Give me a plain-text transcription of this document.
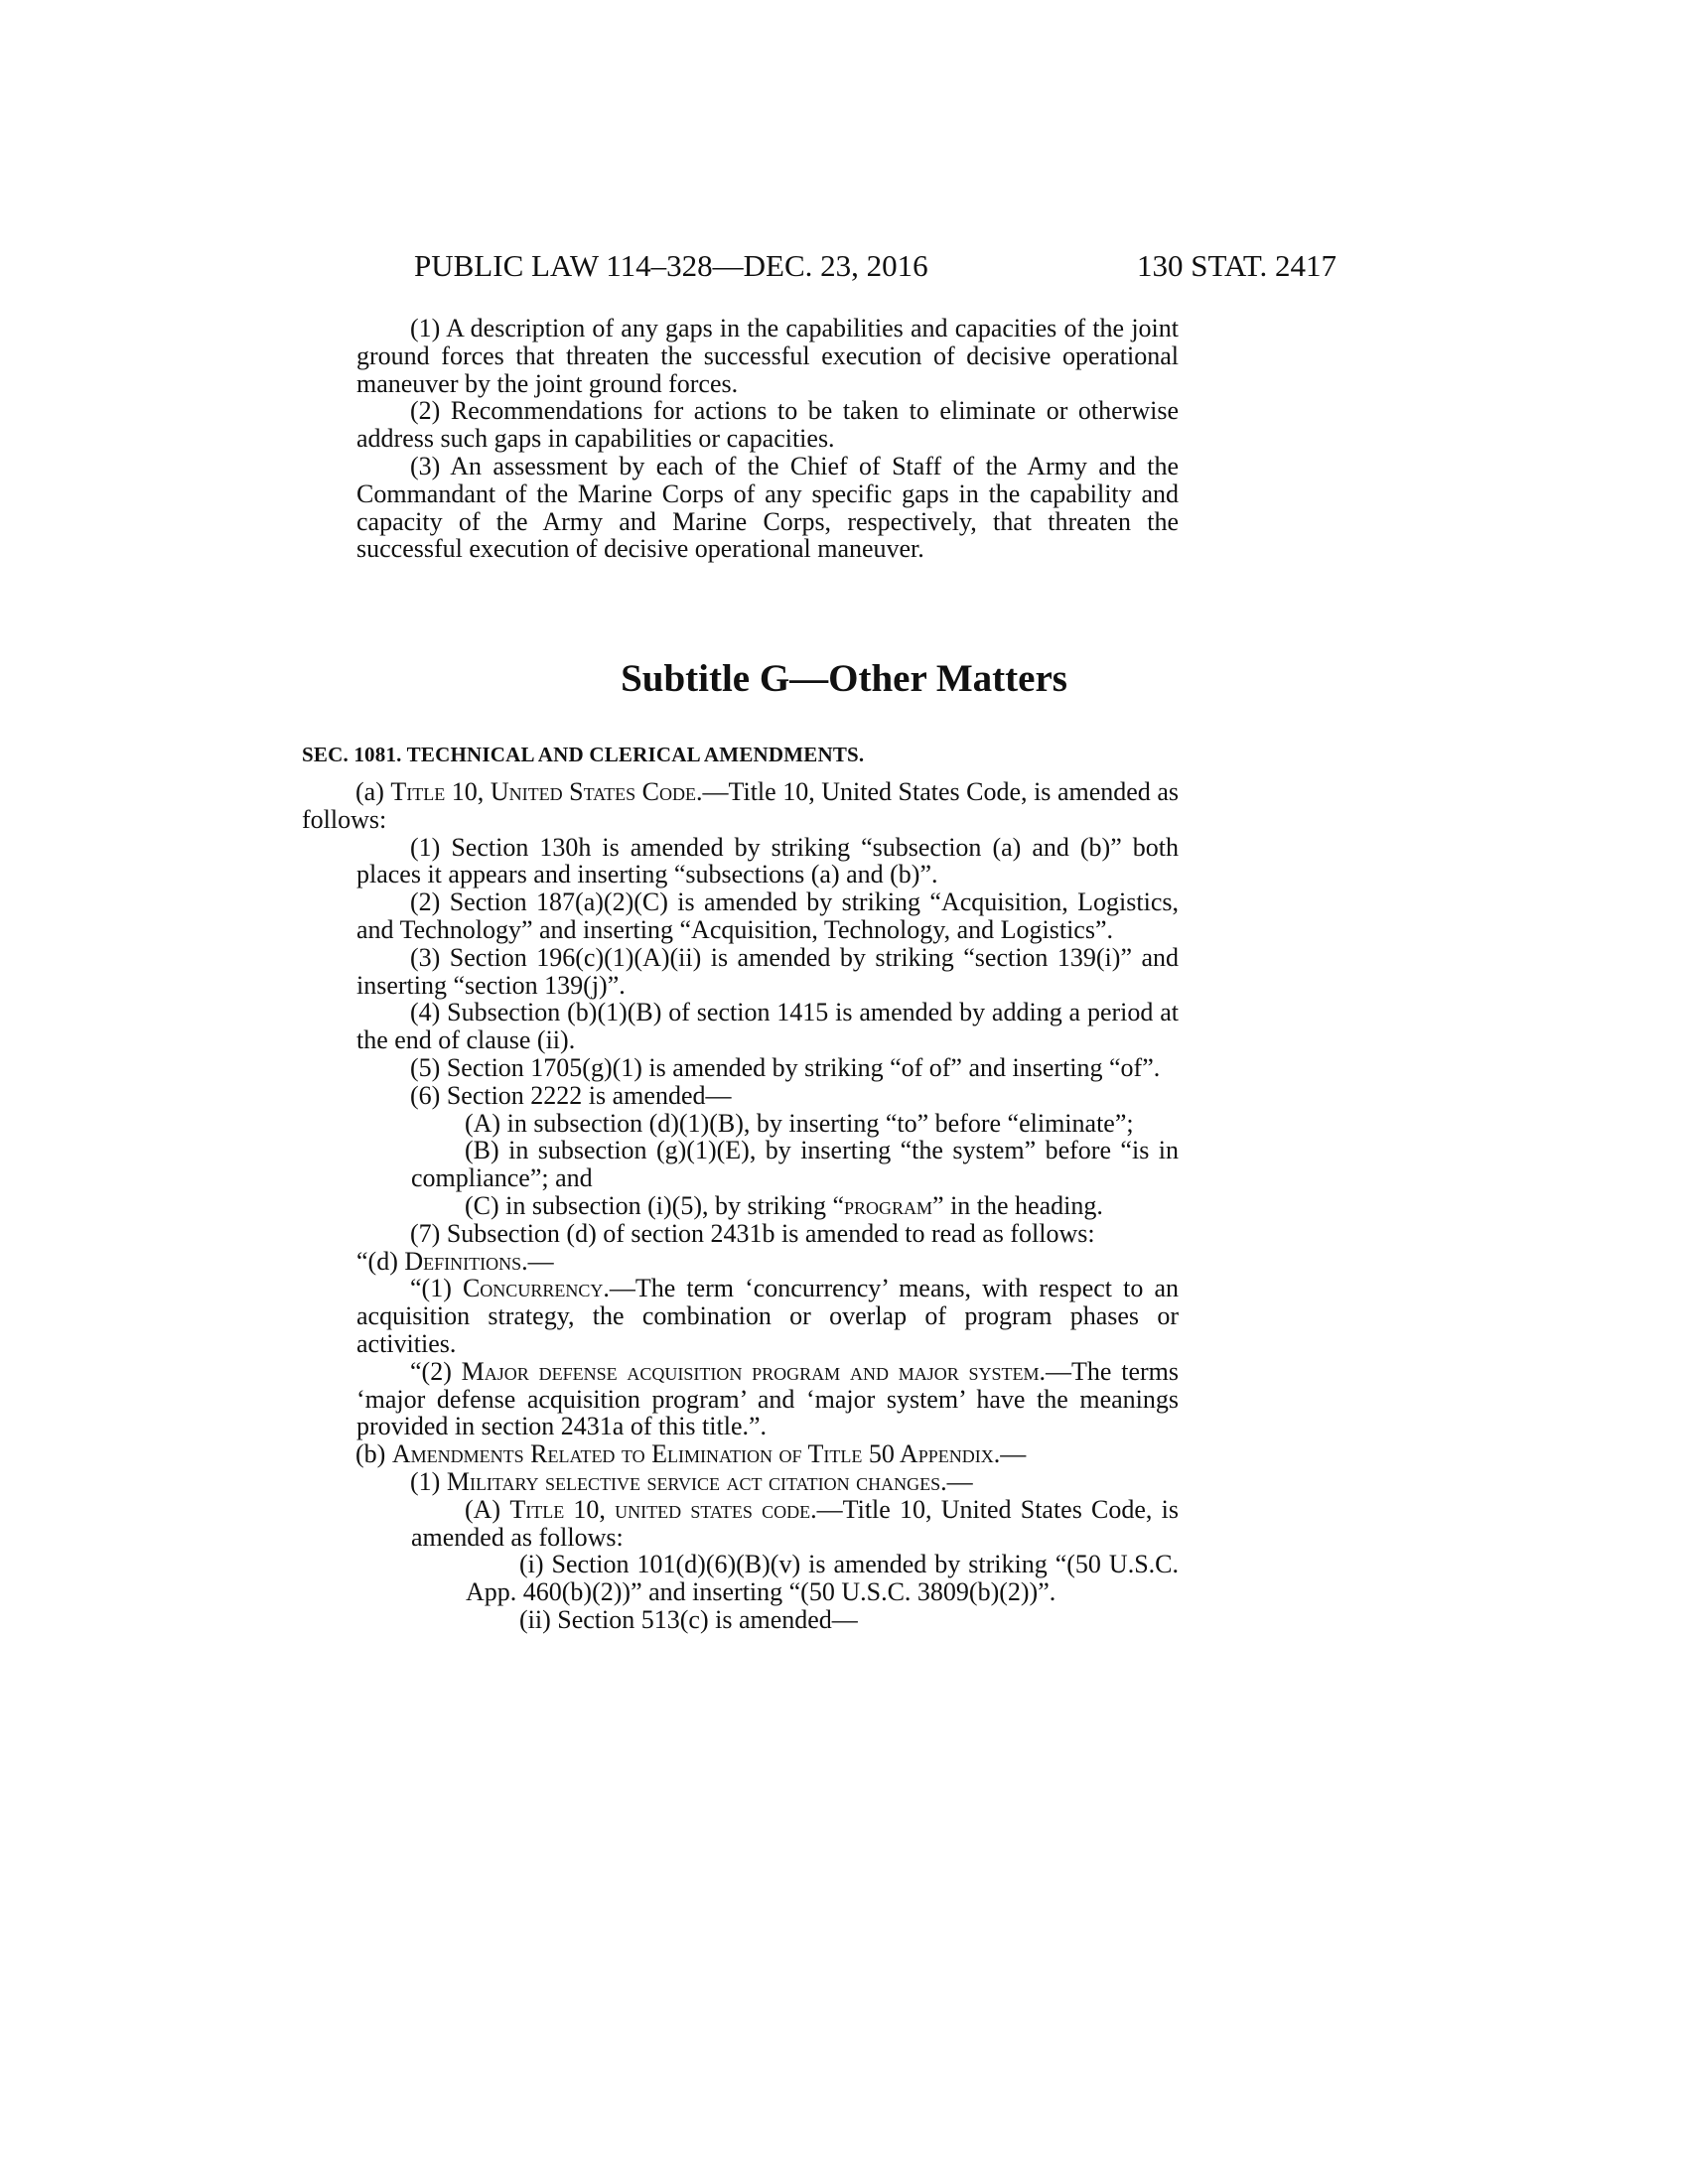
PUBLIC LAW 114–328—DEC. 23, 2016	130 STAT. 2417

(1) A description of any gaps in the capabilities and capacities of the joint ground forces that threaten the successful execution of decisive operational maneuver by the joint ground forces.

(2) Recommendations for actions to be taken to eliminate or otherwise address such gaps in capabilities or capacities.

(3) An assessment by each of the Chief of Staff of the Army and the Commandant of the Marine Corps of any specific gaps in the capability and capacity of the Army and Marine Corps, respectively, that threaten the successful execution of decisive operational maneuver.

Subtitle G—Other Matters
SEC. 1081. TECHNICAL AND CLERICAL AMENDMENTS.

(a) Title 10, United States Code.—Title 10, United States Code, is amended as follows:

(1) Section 130h is amended by striking “subsection (a) and (b)” both places it appears and inserting “subsections (a) and (b)”.

(2) Section 187(a)(2)(C) is amended by striking “Acquisition, Logistics, and Technology” and inserting “Acquisition, Technology, and Logistics”.

(3) Section 196(c)(1)(A)(ii) is amended by striking “section 139(i)” and inserting “section 139(j)”.

(4) Subsection (b)(1)(B) of section 1415 is amended by adding a period at the end of clause (ii).

(5) Section 1705(g)(1) is amended by striking “of of” and inserting “of”.

(6) Section 2222 is amended—

(A) in subsection (d)(1)(B), by inserting “to” before “eliminate”;

(B) in subsection (g)(1)(E), by inserting “the system” before “is in compliance”; and

(C) in subsection (i)(5), by striking “program” in the heading.

(7) Subsection (d) of section 2431b is amended to read as follows:

“(d) Definitions.—

“(1) Concurrency.—The term ‘concurrency’ means, with respect to an acquisition strategy, the combination or overlap of program phases or activities.

“(2) Major defense acquisition program and major system.—The terms ‘major defense acquisition program’ and ‘major system’ have the meanings provided in section 2431a of this title.”.

(b) Amendments Related to Elimination of Title 50 Appendix.—

(1) Military selective service act citation changes.—

(A) Title 10, united states code.—Title 10, United States Code, is amended as follows:

(i) Section 101(d)(6)(B)(v) is amended by striking “(50 U.S.C. App. 460(b)(2))” and inserting “(50 U.S.C. 3809(b)(2))”.

(ii) Section 513(c) is amended—
